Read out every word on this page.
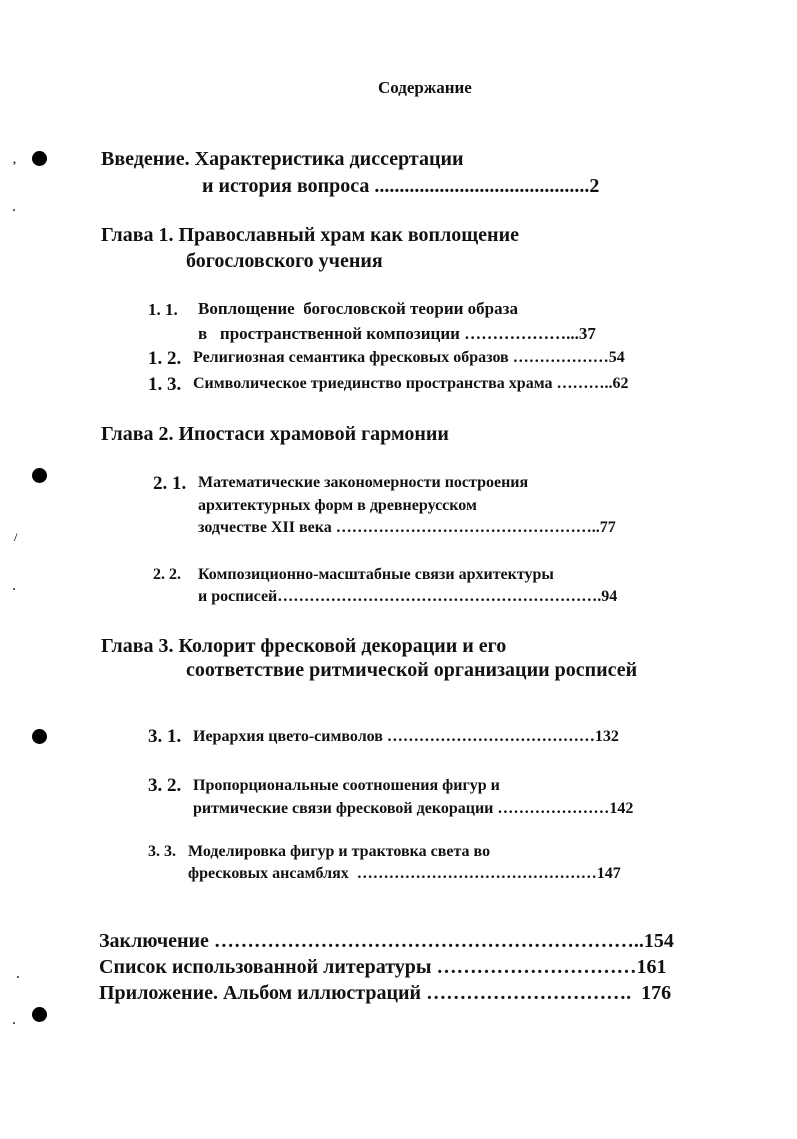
,
·
/
·
·
·
Содержание
Введение. Характеристика диссертации
и история вопроса ...........................................2
Глава 1. Православный храм как воплощение
богословского учения
1. 1. Воплощение  богословской теории образа
в   пространственной композиции ………………...37
1. 2. Религиозная семантика фресковых образов ………………54
1. 3. Символическое триединство пространства храма ………..62
Глава 2. Ипостаси храмовой гармонии
2. 1. Математические закономерности построения
архитектурных форм в древнерусском
зодчестве XII века …………………………………………..77
2. 2. Композиционно-масштабные связи архитектуры
и росписей…………………………………………………….94
Глава 3. Колорит фресковой декорации и его
соответствие ритмической организации росписей
3. 1. Иерархия цвето-символов …………………………………132
3. 2. Пропорциональные соотношения фигур и
ритмические связи фресковой декорации …………………142
3. 3. Моделировка фигур и трактовка света во
фресковых ансамблях  ………………………………………147
Заключение ………………………………………………………..154
Список использованной литературы …………………………161
Приложение. Альбом иллюстраций ………………………….  176
